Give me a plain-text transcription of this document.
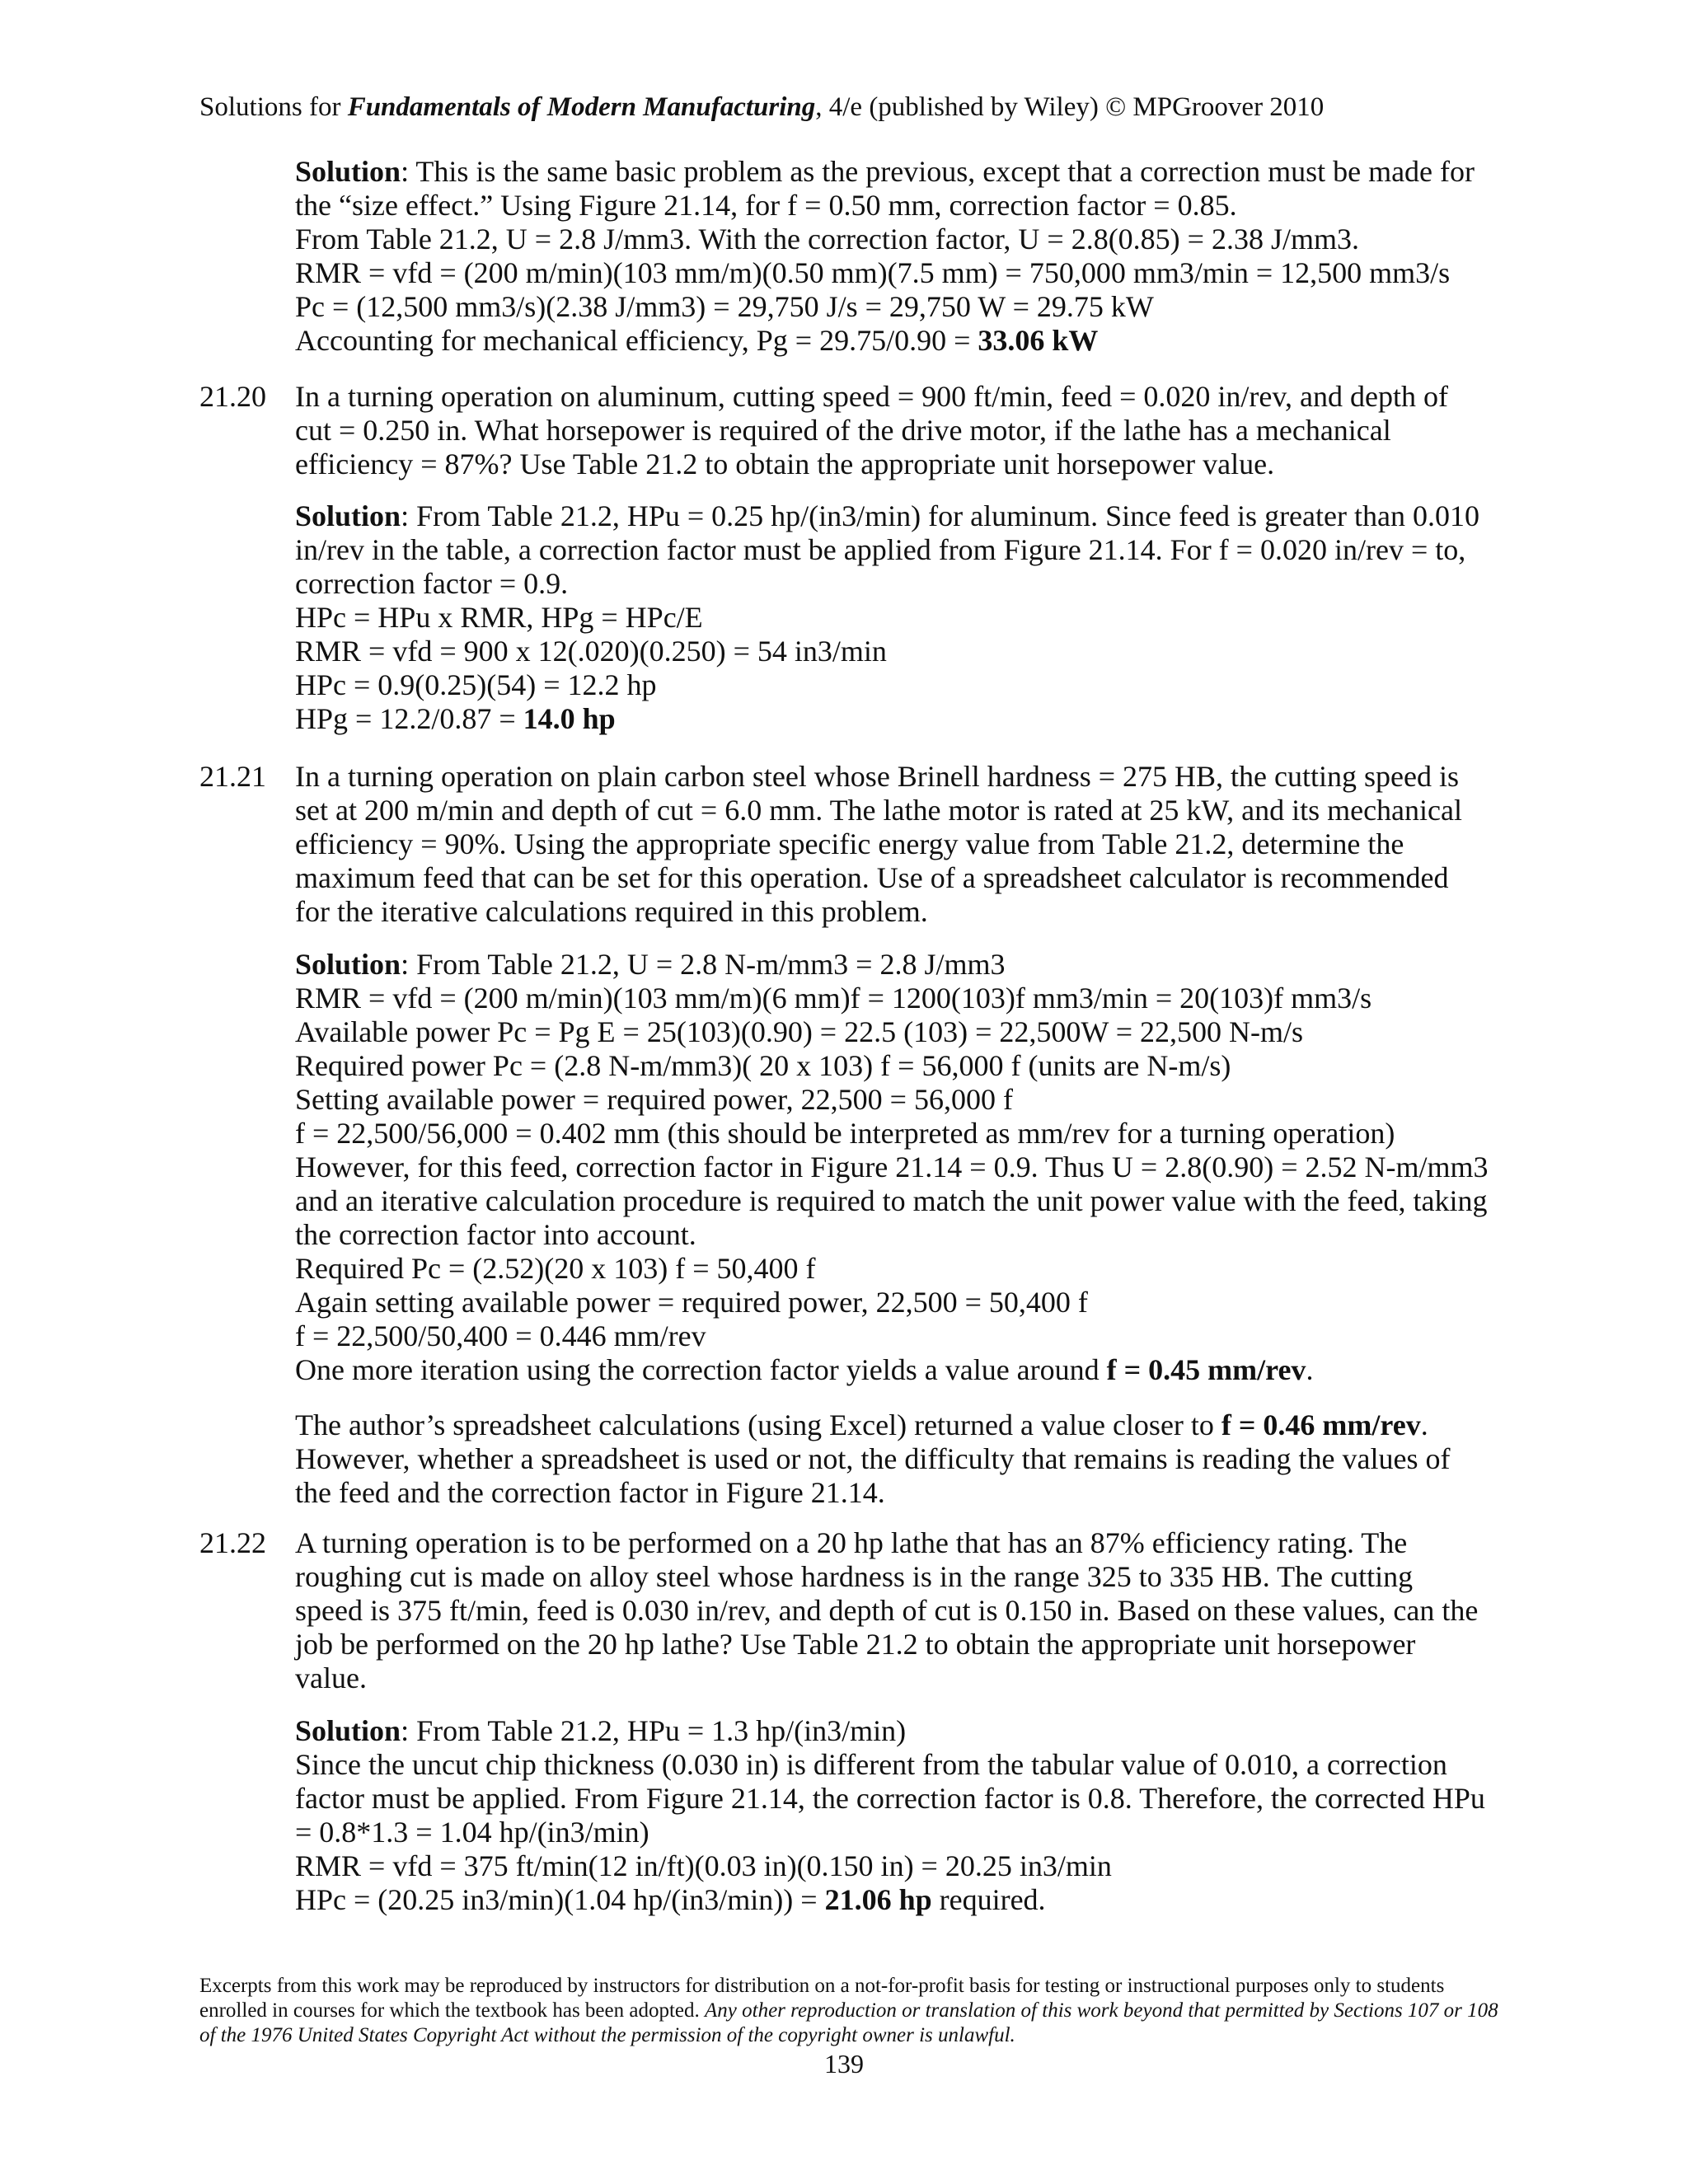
Solutions for Fundamentals of Modern Manufacturing, 4/e (published by Wiley) © MPGroover 2010
Solution: This is the same basic problem as the previous, except that a correction must be made for
the “size effect.” Using Figure 21.14, for f = 0.50 mm, correction factor = 0.85.
From Table 21.2, U = 2.8 J/mm3. With the correction factor, U = 2.8(0.85) = 2.38 J/mm3.
RMR = vfd = (200 m/min)(103 mm/m)(0.50 mm)(7.5 mm) = 750,000 mm3/min = 12,500 mm3/s
Pc = (12,500 mm3/s)(2.38 J/mm3) = 29,750 J/s = 29,750 W = 29.75 kW
Accounting for mechanical efficiency, Pg = 29.75/0.90 = 33.06 kW
21.20 In a turning operation on aluminum, cutting speed = 900 ft/min, feed = 0.020 in/rev, and depth of
cut = 0.250 in. What horsepower is required of the drive motor, if the lathe has a mechanical
efficiency = 87%? Use Table 21.2 to obtain the appropriate unit horsepower value.
Solution: From Table 21.2, HPu = 0.25 hp/(in3/min) for aluminum. Since feed is greater than 0.010
in/rev in the table, a correction factor must be applied from Figure 21.14. For f = 0.020 in/rev = to,
correction factor = 0.9.
HPc = HPu x RMR, HPg = HPc/E
RMR = vfd = 900 x 12(.020)(0.250) = 54 in3/min
HPc = 0.9(0.25)(54) = 12.2 hp
HPg = 12.2/0.87 = 14.0 hp
21.21 In a turning operation on plain carbon steel whose Brinell hardness = 275 HB, the cutting speed is
set at 200 m/min and depth of cut = 6.0 mm. The lathe motor is rated at 25 kW, and its mechanical
efficiency = 90%. Using the appropriate specific energy value from Table 21.2, determine the
maximum feed that can be set for this operation. Use of a spreadsheet calculator is recommended
for the iterative calculations required in this problem.
Solution: From Table 21.2, U = 2.8 N-m/mm3 = 2.8 J/mm3
RMR = vfd = (200 m/min)(103 mm/m)(6 mm)f = 1200(103)f mm3/min = 20(103)f mm3/s
Available power Pc = Pg E = 25(103)(0.90) = 22.5 (103) = 22,500W = 22,500 N-m/s
Required power Pc = (2.8 N-m/mm3)( 20 x 103) f = 56,000 f (units are N-m/s)
Setting available power = required power, 22,500 = 56,000 f
f = 22,500/56,000 = 0.402 mm (this should be interpreted as mm/rev for a turning operation)
However, for this feed, correction factor in Figure 21.14 = 0.9. Thus U = 2.8(0.90) = 2.52 N-m/mm3
and an iterative calculation procedure is required to match the unit power value with the feed, taking
the correction factor into account.
Required Pc = (2.52)(20 x 103) f = 50,400 f
Again setting available power = required power, 22,500 = 50,400 f
f = 22,500/50,400 = 0.446 mm/rev
One more iteration using the correction factor yields a value around f = 0.45 mm/rev.
The author’s spreadsheet calculations (using Excel) returned a value closer to f = 0.46 mm/rev.
However, whether a spreadsheet is used or not, the difficulty that remains is reading the values of
the feed and the correction factor in Figure 21.14.
21.22 A turning operation is to be performed on a 20 hp lathe that has an 87% efficiency rating. The
roughing cut is made on alloy steel whose hardness is in the range 325 to 335 HB. The cutting
speed is 375 ft/min, feed is 0.030 in/rev, and depth of cut is 0.150 in. Based on these values, can the
job be performed on the 20 hp lathe? Use Table 21.2 to obtain the appropriate unit horsepower
value.
Solution: From Table 21.2, HPu = 1.3 hp/(in3/min)
Since the uncut chip thickness (0.030 in) is different from the tabular value of 0.010, a correction
factor must be applied. From Figure 21.14, the correction factor is 0.8. Therefore, the corrected HPu
= 0.8*1.3 = 1.04 hp/(in3/min)
RMR = vfd = 375 ft/min(12 in/ft)(0.03 in)(0.150 in) = 20.25 in3/min
HPc = (20.25 in3/min)(1.04 hp/(in3/min)) = 21.06 hp required.
Excerpts from this work may be reproduced by instructors for distribution on a not-for-profit basis for testing or instructional purposes only to students enrolled in courses for which the textbook has been adopted. Any other reproduction or translation of this work beyond that permitted by Sections 107 or 108 of the 1976 United States Copyright Act without the permission of the copyright owner is unlawful.
139
